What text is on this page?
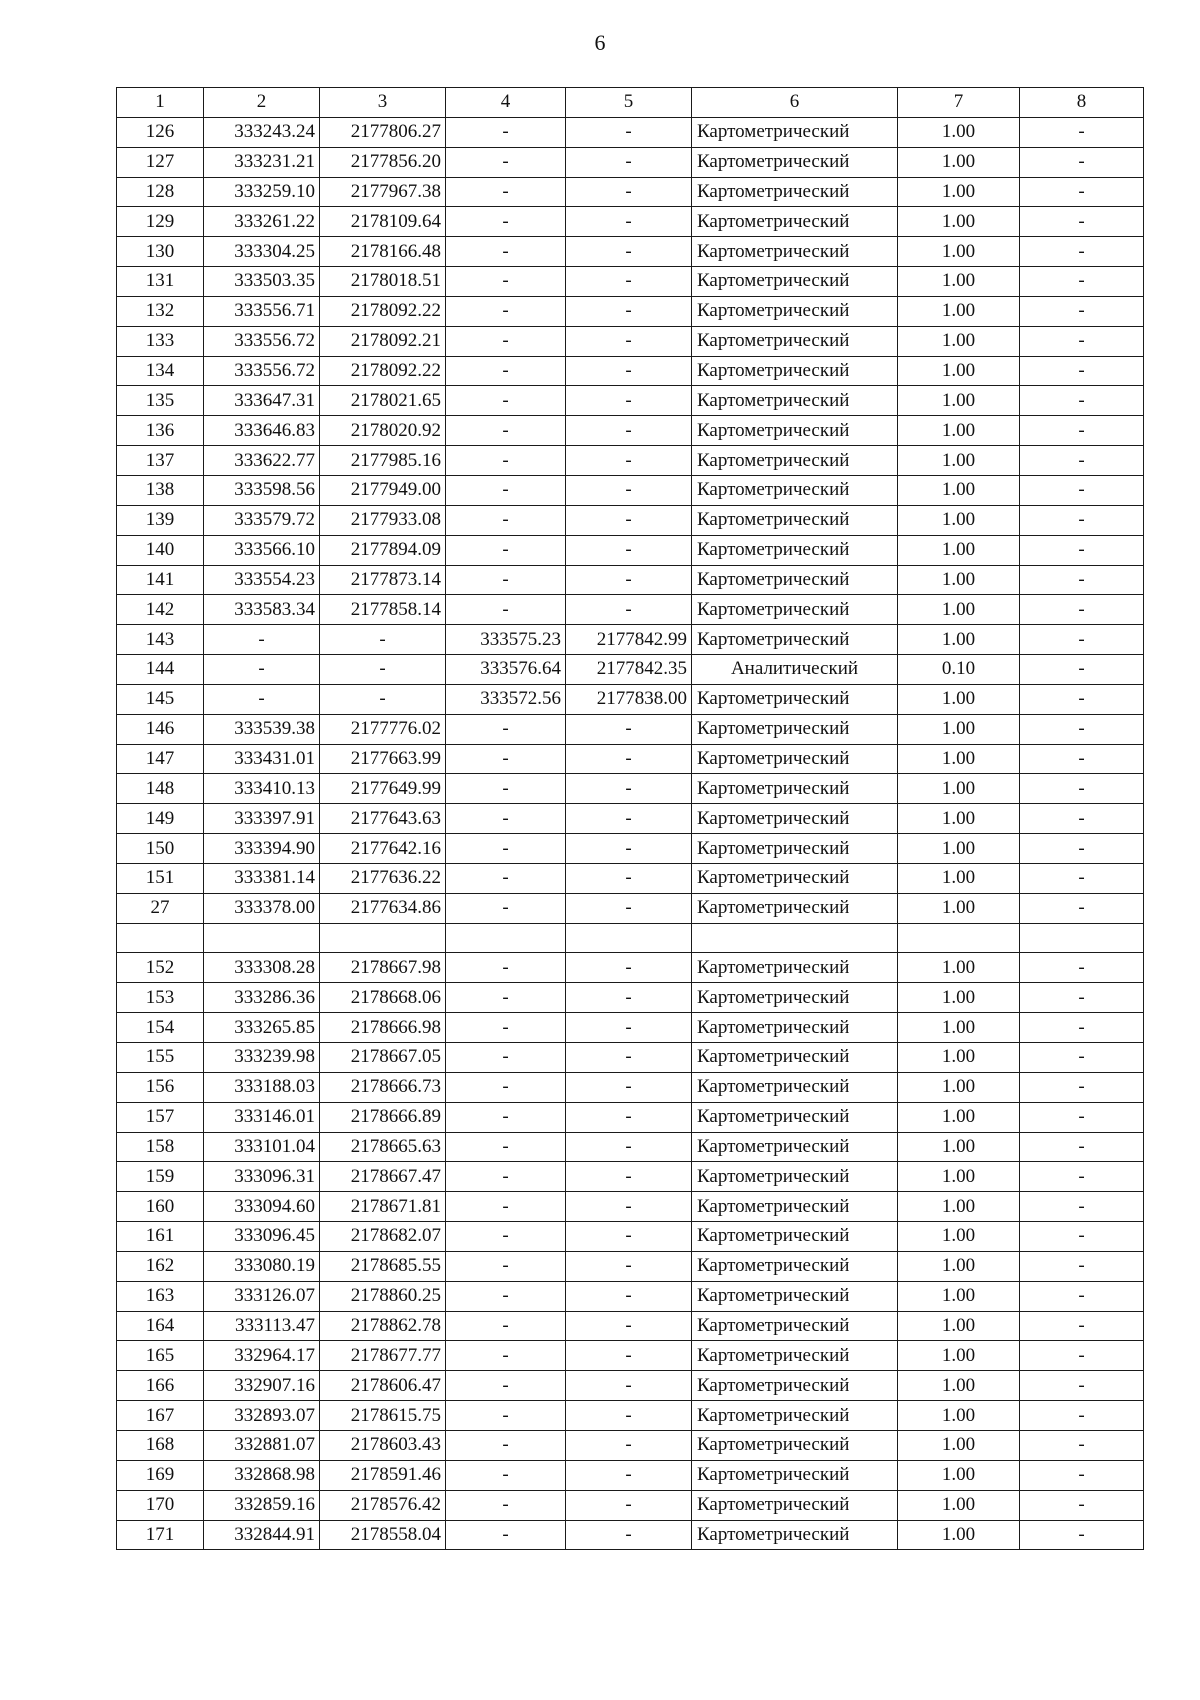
6
1	2	3	4	5	6	7	8
126	333243.24	2177806.27	-	-	Картометрический	1.00	-
127	333231.21	2177856.20	-	-	Картометрический	1.00	-
128	333259.10	2177967.38	-	-	Картометрический	1.00	-
129	333261.22	2178109.64	-	-	Картометрический	1.00	-
130	333304.25	2178166.48	-	-	Картометрический	1.00	-
131	333503.35	2178018.51	-	-	Картометрический	1.00	-
132	333556.71	2178092.22	-	-	Картометрический	1.00	-
133	333556.72	2178092.21	-	-	Картометрический	1.00	-
134	333556.72	2178092.22	-	-	Картометрический	1.00	-
135	333647.31	2178021.65	-	-	Картометрический	1.00	-
136	333646.83	2178020.92	-	-	Картометрический	1.00	-
137	333622.77	2177985.16	-	-	Картометрический	1.00	-
138	333598.56	2177949.00	-	-	Картометрический	1.00	-
139	333579.72	2177933.08	-	-	Картометрический	1.00	-
140	333566.10	2177894.09	-	-	Картометрический	1.00	-
141	333554.23	2177873.14	-	-	Картометрический	1.00	-
142	333583.34	2177858.14	-	-	Картометрический	1.00	-
143	-	-	333575.23	2177842.99	Картометрический	1.00	-
144	-	-	333576.64	2177842.35	Аналитический	0.10	-
145	-	-	333572.56	2177838.00	Картометрический	1.00	-
146	333539.38	2177776.02	-	-	Картометрический	1.00	-
147	333431.01	2177663.99	-	-	Картометрический	1.00	-
148	333410.13	2177649.99	-	-	Картометрический	1.00	-
149	333397.91	2177643.63	-	-	Картометрический	1.00	-
150	333394.90	2177642.16	-	-	Картометрический	1.00	-
151	333381.14	2177636.22	-	-	Картометрический	1.00	-
27	333378.00	2177634.86	-	-	Картометрический	1.00	-

152	333308.28	2178667.98	-	-	Картометрический	1.00	-
153	333286.36	2178668.06	-	-	Картометрический	1.00	-
154	333265.85	2178666.98	-	-	Картометрический	1.00	-
155	333239.98	2178667.05	-	-	Картометрический	1.00	-
156	333188.03	2178666.73	-	-	Картометрический	1.00	-
157	333146.01	2178666.89	-	-	Картометрический	1.00	-
158	333101.04	2178665.63	-	-	Картометрический	1.00	-
159	333096.31	2178667.47	-	-	Картометрический	1.00	-
160	333094.60	2178671.81	-	-	Картометрический	1.00	-
161	333096.45	2178682.07	-	-	Картометрический	1.00	-
162	333080.19	2178685.55	-	-	Картометрический	1.00	-
163	333126.07	2178860.25	-	-	Картометрический	1.00	-
164	333113.47	2178862.78	-	-	Картометрический	1.00	-
165	332964.17	2178677.77	-	-	Картометрический	1.00	-
166	332907.16	2178606.47	-	-	Картометрический	1.00	-
167	332893.07	2178615.75	-	-	Картометрический	1.00	-
168	332881.07	2178603.43	-	-	Картометрический	1.00	-
169	332868.98	2178591.46	-	-	Картометрический	1.00	-
170	332859.16	2178576.42	-	-	Картометрический	1.00	-
171	332844.91	2178558.04	-	-	Картометрический	1.00	-
